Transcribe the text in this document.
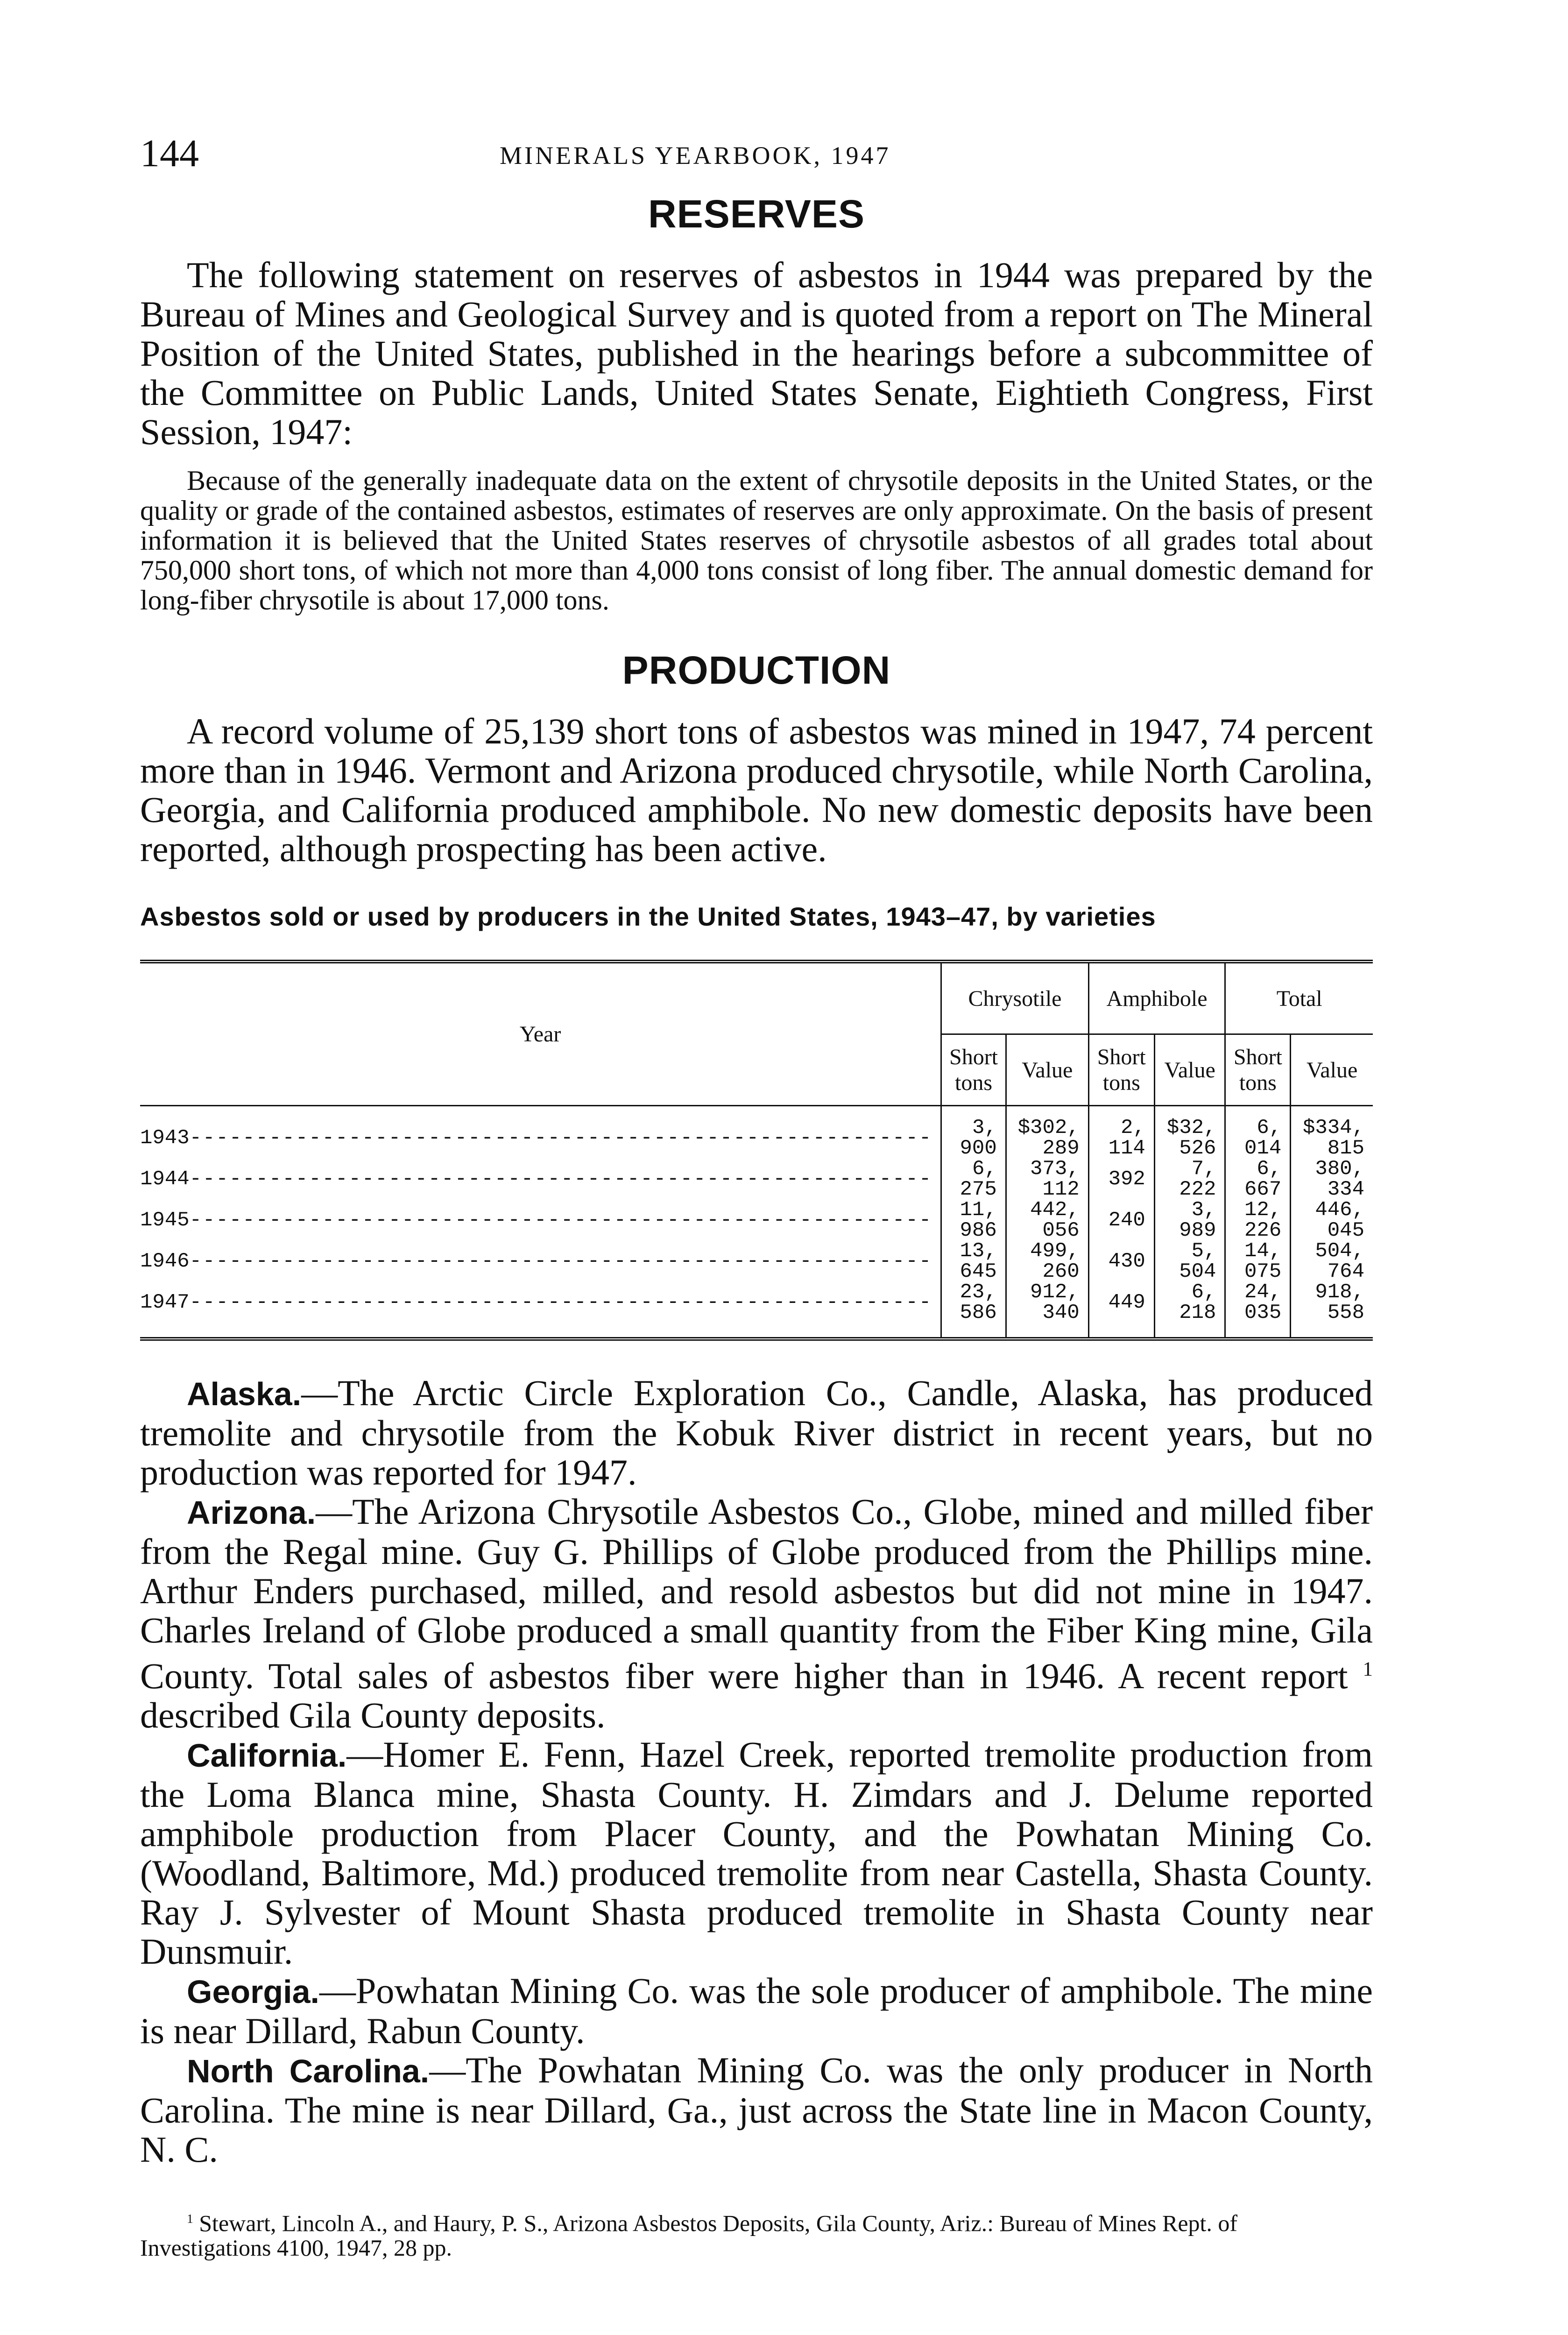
144	MINERALS YEARBOOK, 1947
RESERVES

The following statement on reserves of asbestos in 1944 was prepared by the Bureau of Mines and Geological Survey and is quoted from a report on The Mineral Position of the United States, published in the hearings before a subcommittee of the Committee on Public Lands, United States Senate, Eightieth Congress, First Session, 1947:

Because of the generally inadequate data on the extent of chrysotile deposits in the United States, or the quality or grade of the contained asbestos, estimates of reserves are only approximate. On the basis of present information it is believed that the United States reserves of chrysotile asbestos of all grades total about 750,000 short tons, of which not more than 4,000 tons consist of long fiber. The annual domestic demand for long-fiber chrysotile is about 17,000 tons.

PRODUCTION

A record volume of 25,139 short tons of asbestos was mined in 1947, 74 percent more than in 1946. Vermont and Arizona produced chrysotile, while North Carolina, Georgia, and California produced amphibole. No new domestic deposits have been reported, although prospecting has been active.

Asbestos sold or used by producers in the United States, 1943–47, by varieties

Year	Chrysotile		Amphibole		Total	
	Short tons	Value	Short tons	Value	Short tons	Value
1943 -----	3, 900	$302, 289	2, 114	$32, 526	6, 014	$334, 815
1944 -----	6, 275	373, 112	392	7, 222	6, 667	380, 334
1945 -----	11, 986	442, 056	240	3, 989	12, 226	446, 045
1946 -----	13, 645	499, 260	430	5, 504	14, 075	504, 764
1947 -----	23, 586	912, 340	449	6, 218	24, 035	918, 558

Alaska.—The Arctic Circle Exploration Co., Candle, Alaska, has produced tremolite and chrysotile from the Kobuk River district in recent years, but no production was reported for 1947.

Arizona.—The Arizona Chrysotile Asbestos Co., Globe, mined and milled fiber from the Regal mine. Guy G. Phillips of Globe produced from the Phillips mine. Arthur Enders purchased, milled, and resold asbestos but did not mine in 1947. Charles Ireland of Globe produced a small quantity from the Fiber King mine, Gila County. Total sales of asbestos fiber were higher than in 1946. A recent report $^1$ described Gila County deposits.

California.—Homer E. Fenn, Hazel Creek, reported tremolite production from the Loma Blanca mine, Shasta County. H. Zimdars and J. Delume reported amphibole production from Placer County, and the Powhatan Mining Co. (Woodland, Baltimore, Md.) produced tremolite from near Castella, Shasta County. Ray J. Sylvester of Mount Shasta produced tremolite in Shasta County near Dunsmuir.

Georgia.—Powhatan Mining Co. was the sole producer of amphibole. The mine is near Dillard, Rabun County.

North Carolina.—The Powhatan Mining Co. was the only producer in North Carolina. The mine is near Dillard, Ga., just across the State line in Macon County, N. C.

$^1$ Stewart, Lincoln A., and Haury, P. S., Arizona Asbestos Deposits, Gila County, Ariz.: Bureau of Mines Rept. of Investigations 4100, 1947, 28 pp.
